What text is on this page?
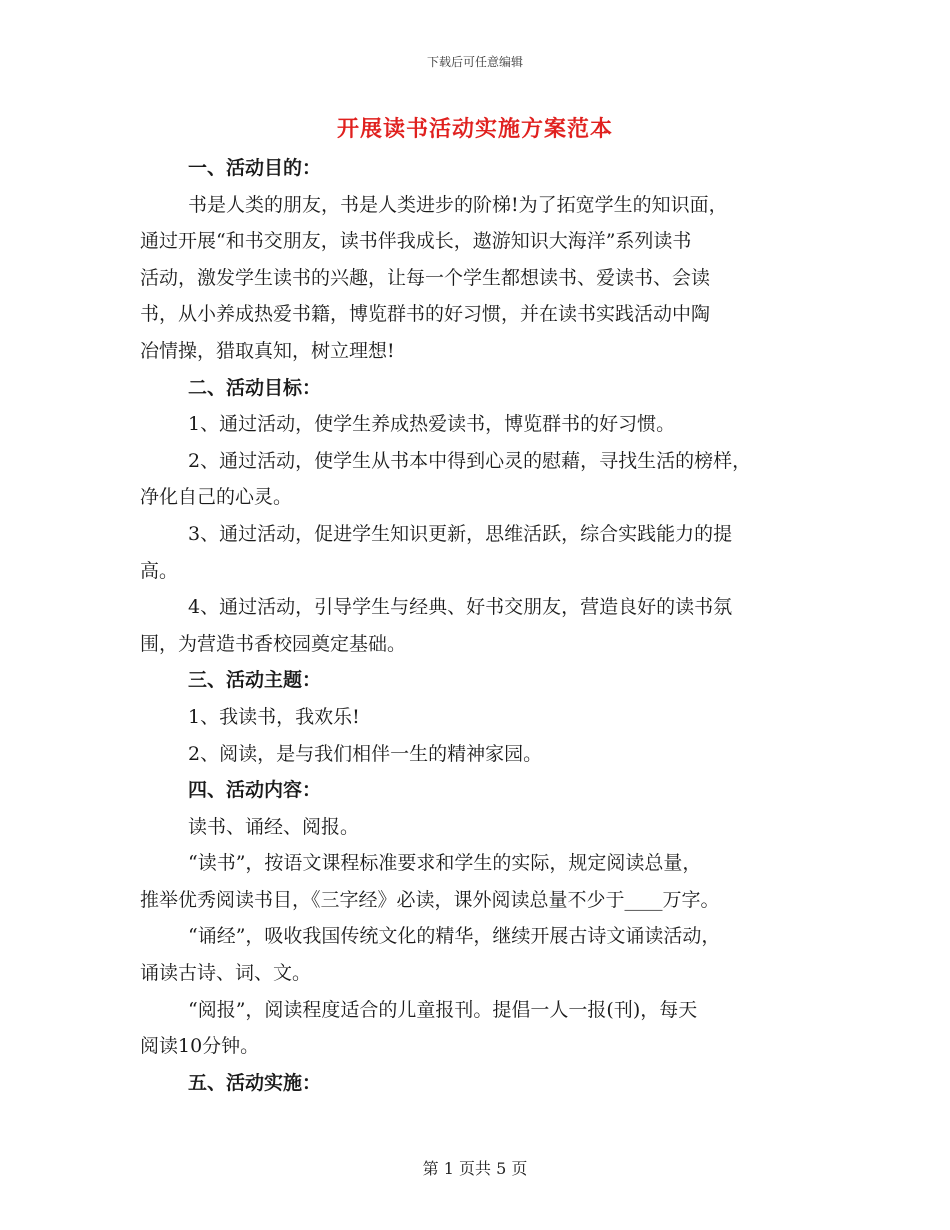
下载后可任意编辑
开展读书活动实施方案范本
一、活动目的：
书是人类的朋友，书是人类进步的阶梯!为了拓宽学生的知识面，
通过开展“和书交朋友，读书伴我成长，遨游知识大海洋”系列读书
活动，激发学生读书的兴趣，让每一个学生都想读书、爱读书、会读
书，从小养成热爱书籍，博览群书的好习惯，并在读书实践活动中陶
冶情操，猎取真知，树立理想!
二、活动目标：
1、通过活动，使学生养成热爱读书，博览群书的好习惯。
2、通过活动，使学生从书本中得到心灵的慰藉，寻找生活的榜样，
净化自己的心灵。
3、通过活动，促进学生知识更新，思维活跃，综合实践能力的提
高。
4、通过活动，引导学生与经典、好书交朋友，营造良好的读书氛
围，为营造书香校园奠定基础。
三、活动主题：
1、我读书，我欢乐!
2、阅读，是与我们相伴一生的精神家园。
四、活动内容：
读书、诵经、阅报。
“读书”，按语文课程标准要求和学生的实际，规定阅读总量，
推举优秀阅读书目，《三字经》必读，课外阅读总量不少于____万字。
“诵经”，吸收我国传统文化的精华，继续开展古诗文诵读活动，
诵读古诗、词、文。
“阅报”，阅读程度适合的儿童报刊。提倡一人一报(刊)，每天
阅读10分钟。
五、活动实施：
第 1 页共 5 页
